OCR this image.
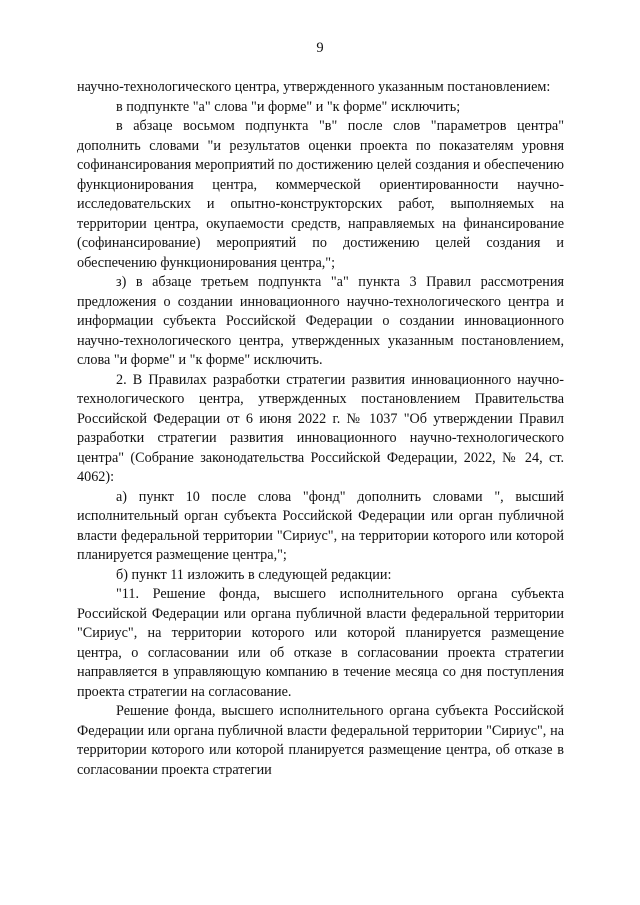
9

научно-технологического центра, утвержденного указанным постановлением:

в подпункте "а" слова "и форме" и "к форме" исключить;

в абзаце восьмом подпункта "в" после слов "параметров центра" дополнить словами "и результатов оценки проекта по показателям уровня софинансирования мероприятий по достижению целей создания и обеспечению функционирования центра, коммерческой ориентированности научно-исследовательских и опытно-конструкторских работ, выполняемых на территории центра, окупаемости средств, направляемых на финансирование (софинансирование) мероприятий по достижению целей создания и обеспечению функционирования центра,";

з) в абзаце третьем подпункта "а" пункта 3 Правил рассмотрения предложения о создании инновационного научно-технологического центра и информации субъекта Российской Федерации о создании инновационного научно-технологического центра, утвержденных указанным постановлением, слова "и форме" и "к форме" исключить.

2. В Правилах разработки стратегии развития инновационного научно-технологического центра, утвержденных постановлением Правительства Российской Федерации от 6 июня 2022 г. № 1037 "Об утверждении Правил разработки стратегии развития инновационного научно-технологического центра" (Собрание законодательства Российской Федерации, 2022, № 24, ст. 4062):

а) пункт 10 после слова "фонд" дополнить словами ", высший исполнительный орган субъекта Российской Федерации или орган публичной власти федеральной территории "Сириус", на территории которого или которой планируется размещение центра,";

б) пункт 11 изложить в следующей редакции:

"11. Решение фонда, высшего исполнительного органа субъекта Российской Федерации или органа публичной власти федеральной территории "Сириус", на территории которого или которой планируется размещение центра, о согласовании или об отказе в согласовании проекта стратегии направляется в управляющую компанию в течение месяца со дня поступления проекта стратегии на согласование.

Решение фонда, высшего исполнительного органа субъекта Российской Федерации или органа публичной власти федеральной территории "Сириус", на территории которого или которой планируется размещение центра, об отказе в согласовании проекта стратегии
